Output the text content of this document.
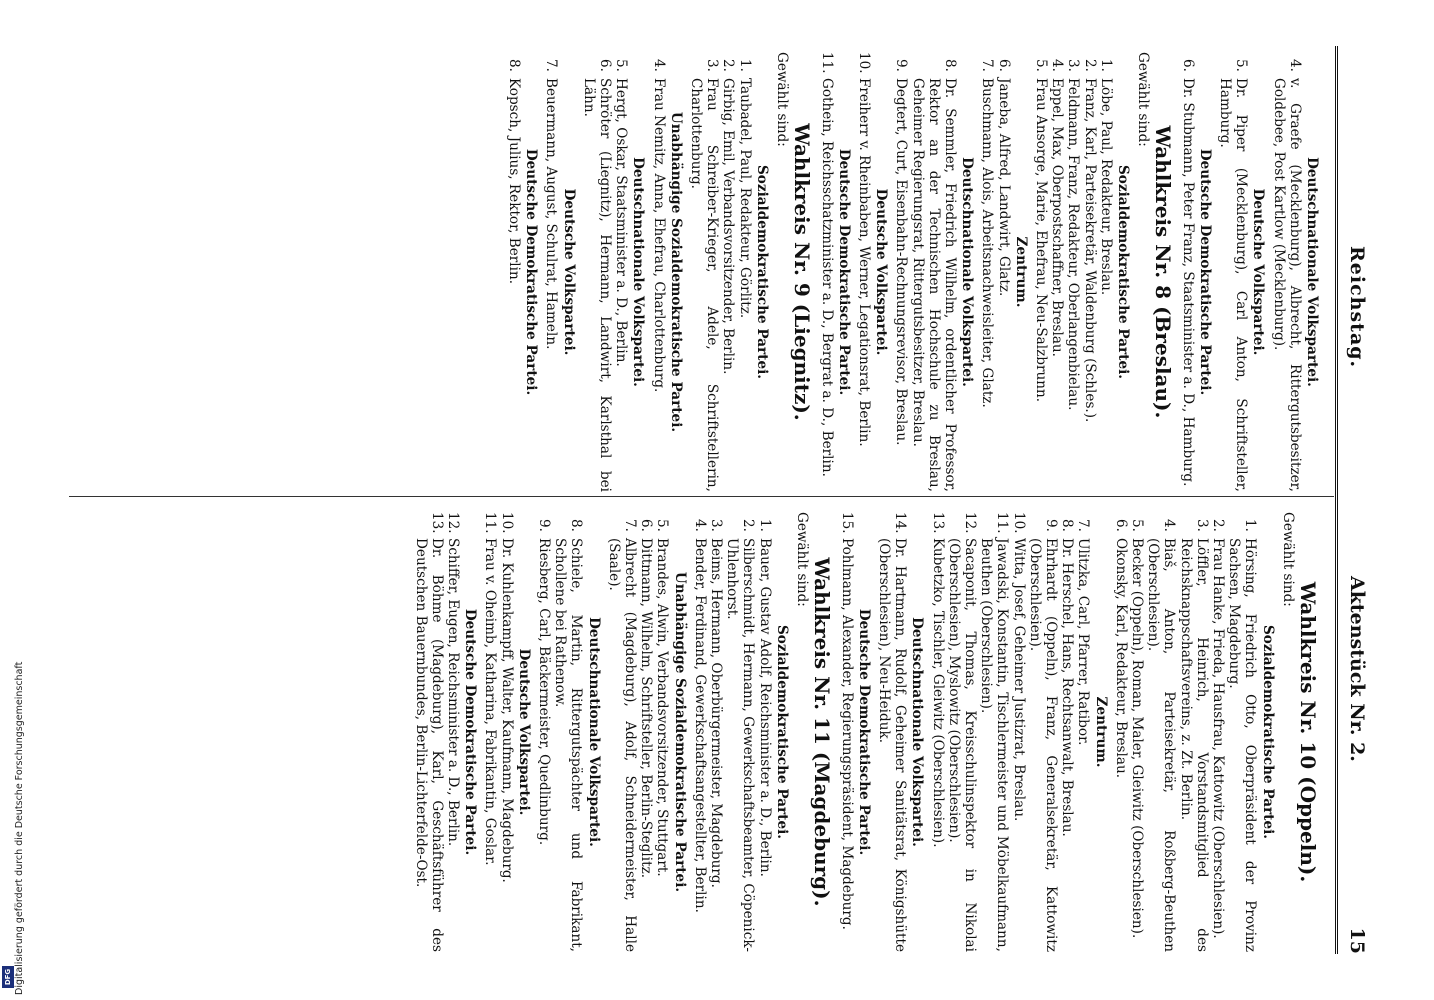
Digitalisierung gefördert durch die Deutsche Forschungsgemeinschaft
DFG
Reichstag.
Aktenstück Nr. 2.
15
Deutschnationale Volkspartei.
4.
v. Graefe (Mecklenburg), Albrecht, Rittergutsbesitzer, Goldebee, Post Kartlow (Mecklenburg).
Deutsche Volkspartei.
5.
Dr. Piper (Mecklenburg), Carl Anton, Schriftsteller, Hamburg.
Deutsche Demokratische Partei.
6.
Dr. Stubmann, Peter Franz, Staatsminister a. D., Hamburg.
Wahlkreis Nr. 8 (Breslau).
Gewählt sind:
Sozialdemokratische Partei.
1.
Löbe, Paul, Redakteur, Breslau.
2.
Franz, Karl, Parteisekretär, Waldenburg (Schles.).
3.
Feldmann, Franz, Redakteur, Oberlangenbielau.
4.
Eppel, Max, Oberpostschaffner, Breslau.
5.
Frau Ansorge, Marie, Ehefrau, Neu-Salzbrunn.
Zentrum.
6.
Janeba, Alfred, Landwirt, Glatz.
7.
Buschmann, Alois, Arbeitsnachweisleiter, Glatz.
Deutschnationale Volkspartei.
8.
Dr. Semmler, Friedrich Wilhelm, ordentlicher Professor, Rektor an der Technischen Hochschule zu Breslau, Geheimer Regierungsrat, Rittergutsbesitzer, Breslau.
9.
Degtert, Curt, Eisenbahn-Rechnungsrevisor, Breslau.
Deutsche Volkspartei.
10.
Freiherr v. Rheinbaben, Werner, Legationsrat, Berlin.
Deutsche Demokratische Partei.
11.
Gothein, Reichsschatzminister a. D., Bergrat a. D., Berlin.
Wahlkreis Nr. 9 (Liegnitz).
Gewählt sind:
Sozialdemokratische Partei.
1.
Taubadel, Paul, Redakteur, Görlitz.
2.
Girbig, Emil, Verbandsvorsitzender, Berlin.
3.
Frau Schreiber-Krieger, Adele, Schriftstellerin, Charlottenburg.
Unabhängige Sozialdemokratische Partei.
4.
Frau Nemitz, Anna, Ehefrau, Charlottenburg.
Deutschnationale Volkspartei.
5.
Hergt, Oskar, Staatsminister a. D., Berlin.
6.
Schröter (Liegnitz), Hermann, Landwirt, Karlsthal bei Lähn.
Deutsche Volkspartei.
7.
Beuermann, August, Schulrat, Hameln.
Deutsche Demokratische Partei.
8.
Kopsch, Julius, Rektor, Berlin.
Wahlkreis Nr. 10 (Oppeln).
Gewählt sind:
Sozialdemokratische Partei.
1.
Hörsing, Friedrich Otto, Oberpräsident der Provinz Sachsen, Magdeburg.
2.
Frau Hanke, Frieda, Hausfrau, Kattowitz (Oberschlesien).
3.
Löffler, Heinrich, Vorstandsmitglied des Reichsknappschaftsvereins, z. Zt. Berlin.
4.
Biaš, Anton, Parteisekretär, Roßberg-Beuthen (Oberschlesien).
5.
Becker (Oppeln), Roman, Maler, Gleiwitz (Oberschlesien).
6.
Okonsky, Karl, Redakteur, Breslau.
Zentrum.
7.
Ulitzka, Carl, Pfarrer, Ratibor.
8.
Dr. Herschel, Hans, Rechtsanwalt, Breslau.
9.
Ehrhardt (Oppeln), Franz, Generalsekretär, Kattowitz (Oberschlesien).
10.
Witta, Josef, Geheimer Justizrat, Breslau.
11.
Jawadski, Konstantin, Tischlermeister und Möbelkaufmann, Beuthen (Oberschlesien).
12.
Sacaponit, Thomas, Kreisschulinspektor in Nikolai (Oberschlesien), Myslowitz (Oberschlesien).
13.
Kubetzko, Tischler, Gleiwitz (Oberschlesien).
Deutschnationale Volkspartei.
14.
Dr. Hartmann, Rudolf, Geheimer Sanitätsrat, Königshütte (Oberschlesien), Neu-Heiduk.
Deutsche Demokratische Partei.
15.
Pohlmann, Alexander, Regierungspräsident, Magdeburg.
Wahlkreis Nr. 11 (Magdeburg).
Gewählt sind:
Sozialdemokratische Partei.
1.
Bauer, Gustav Adolf, Reichsminister a. D., Berlin.
2.
Silberschmidt, Hermann, Gewerkschaftsbeamter, Cöpenick-Uhlenhorst.
3.
Beims, Hermann, Oberbürgermeister, Magdeburg.
4.
Bender, Ferdinand, Gewerkschaftsangestellter, Berlin.
Unabhängige Sozialdemokratische Partei.
5.
Brandes, Alwin, Verbandsvorsitzender, Stuttgart.
6.
Dittmann, Wilhelm, Schriftsteller, Berlin-Steglitz.
7.
Albrecht (Magdeburg), Adolf, Schneidermeister, Halle (Saale).
Deutschnationale Volkspartei.
8.
Schiele, Martin, Rittergutspächter und Fabrikant, Schollene bei Rathenow.
9.
Riesberg, Carl, Bäckermeister, Quedlinburg.
Deutsche Volkspartei.
10.
Dr. Kuhlenkampff, Walter, Kaufmann, Magdeburg.
11.
Frau v. Oheimb, Katharina, Fabrikantin, Goslar.
Deutsche Demokratische Partei.
12.
Schiffer, Eugen, Reichsminister a. D., Berlin.
13.
Dr. Böhme (Magdeburg), Karl, Geschäftsführer des Deutschen Bauernbundes, Berlin-Lichterfelde-Ost.
